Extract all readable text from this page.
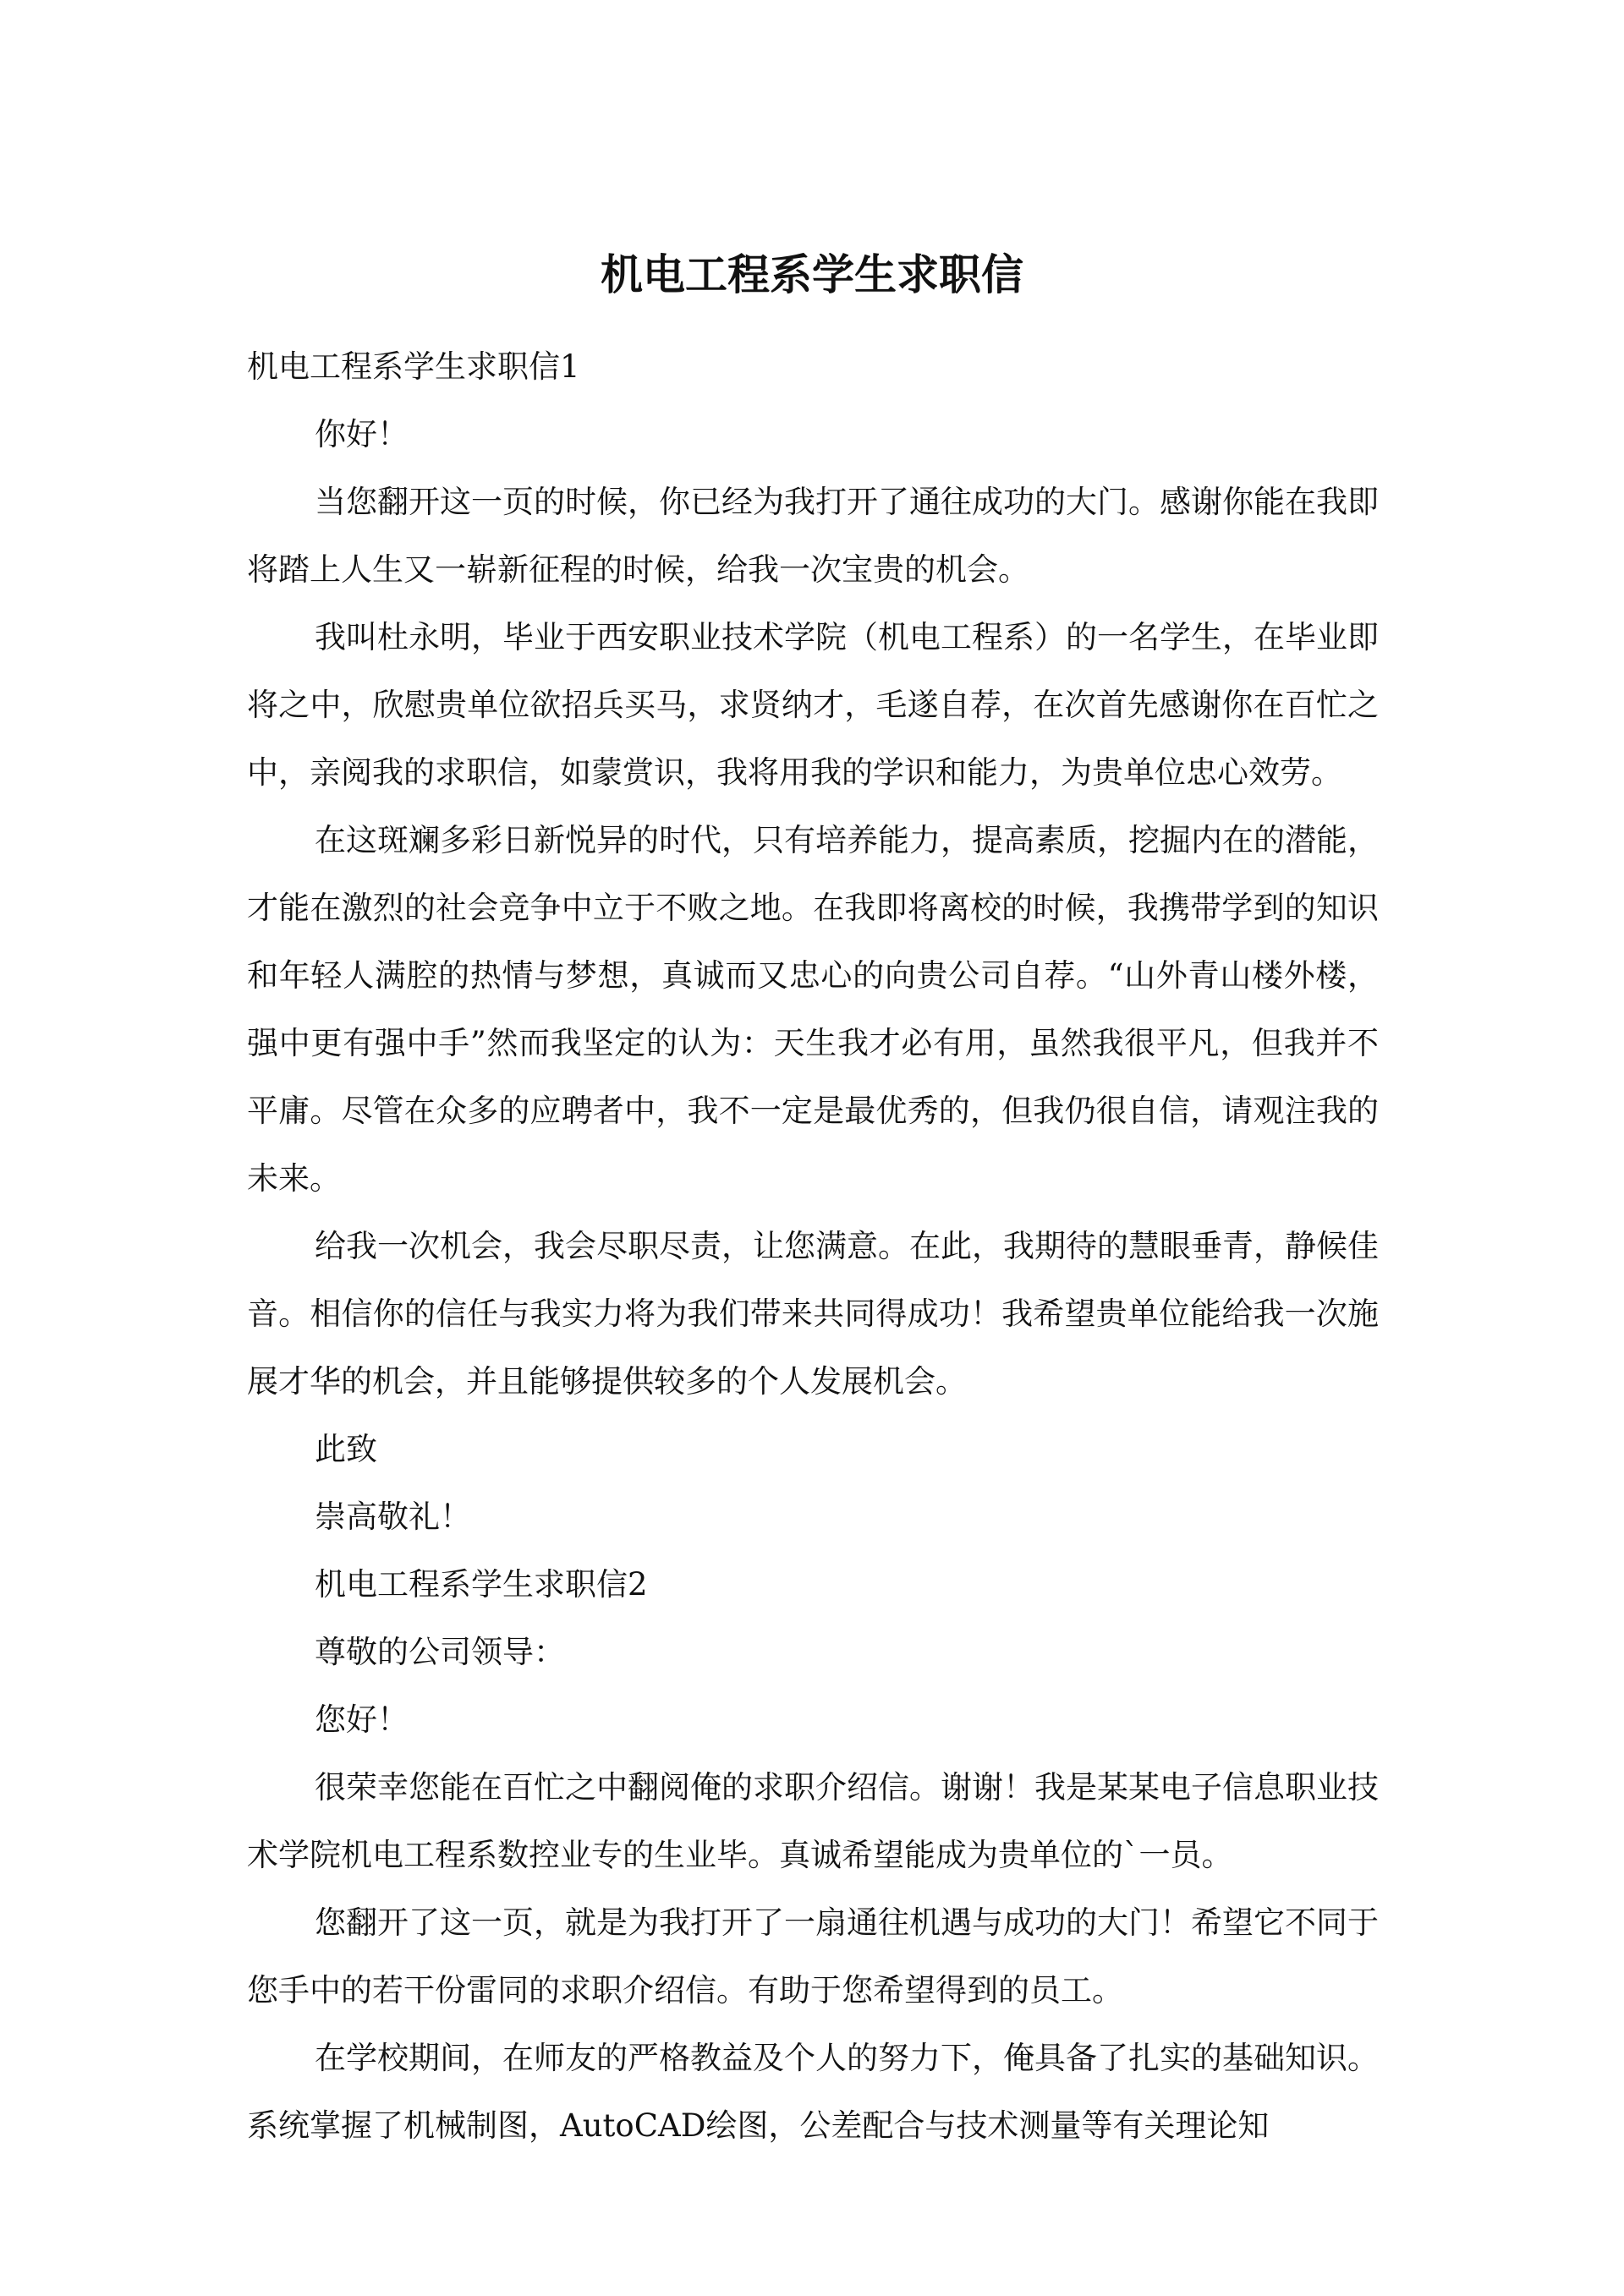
机电工程系学生求职信

机电工程系学生求职信1

你好！

当您翻开这一页的时候，你已经为我打开了通往成功的大门。感谢你能在我即将踏上人生又一崭新征程的时候，给我一次宝贵的机会。

我叫杜永明，毕业于西安职业技术学院（机电工程系）的一名学生，在毕业即将之中，欣慰贵单位欲招兵买马，求贤纳才，毛遂自荐，在次首先感谢你在百忙之中，亲阅我的求职信，如蒙赏识，我将用我的学识和能力，为贵单位忠心效劳。

在这斑斓多彩日新悦异的时代，只有培养能力，提高素质，挖掘内在的潜能，才能在激烈的社会竞争中立于不败之地。在我即将离校的时候，我携带学到的知识和年轻人满腔的热情与梦想，真诚而又忠心的向贵公司自荐。“山外青山楼外楼，强中更有强中手”然而我坚定的认为：天生我才必有用，虽然我很平凡，但我并不平庸。尽管在众多的应聘者中，我不一定是最优秀的，但我仍很自信，请观注我的未来。

给我一次机会，我会尽职尽责，让您满意。在此，我期待的慧眼垂青，静候佳音。相信你的信任与我实力将为我们带来共同得成功！我希望贵单位能给我一次施展才华的机会，并且能够提供较多的个人发展机会。

此致

崇高敬礼！

机电工程系学生求职信2

尊敬的公司领导：

您好！

很荣幸您能在百忙之中翻阅俺的求职介绍信。谢谢！我是某某电子信息职业技术学院机电工程系数控业专的生业毕。真诚希望能成为贵单位的`一员。

您翻开了这一页，就是为我打开了一扇通往机遇与成功的大门！希望它不同于您手中的若干份雷同的求职介绍信。有助于您希望得到的员工。

在学校期间，在师友的严格教益及个人的努力下，俺具备了扎实的基础知识。系统掌握了机械制图，AutoCAD绘图，公差配合与技术测量等有关理论知
